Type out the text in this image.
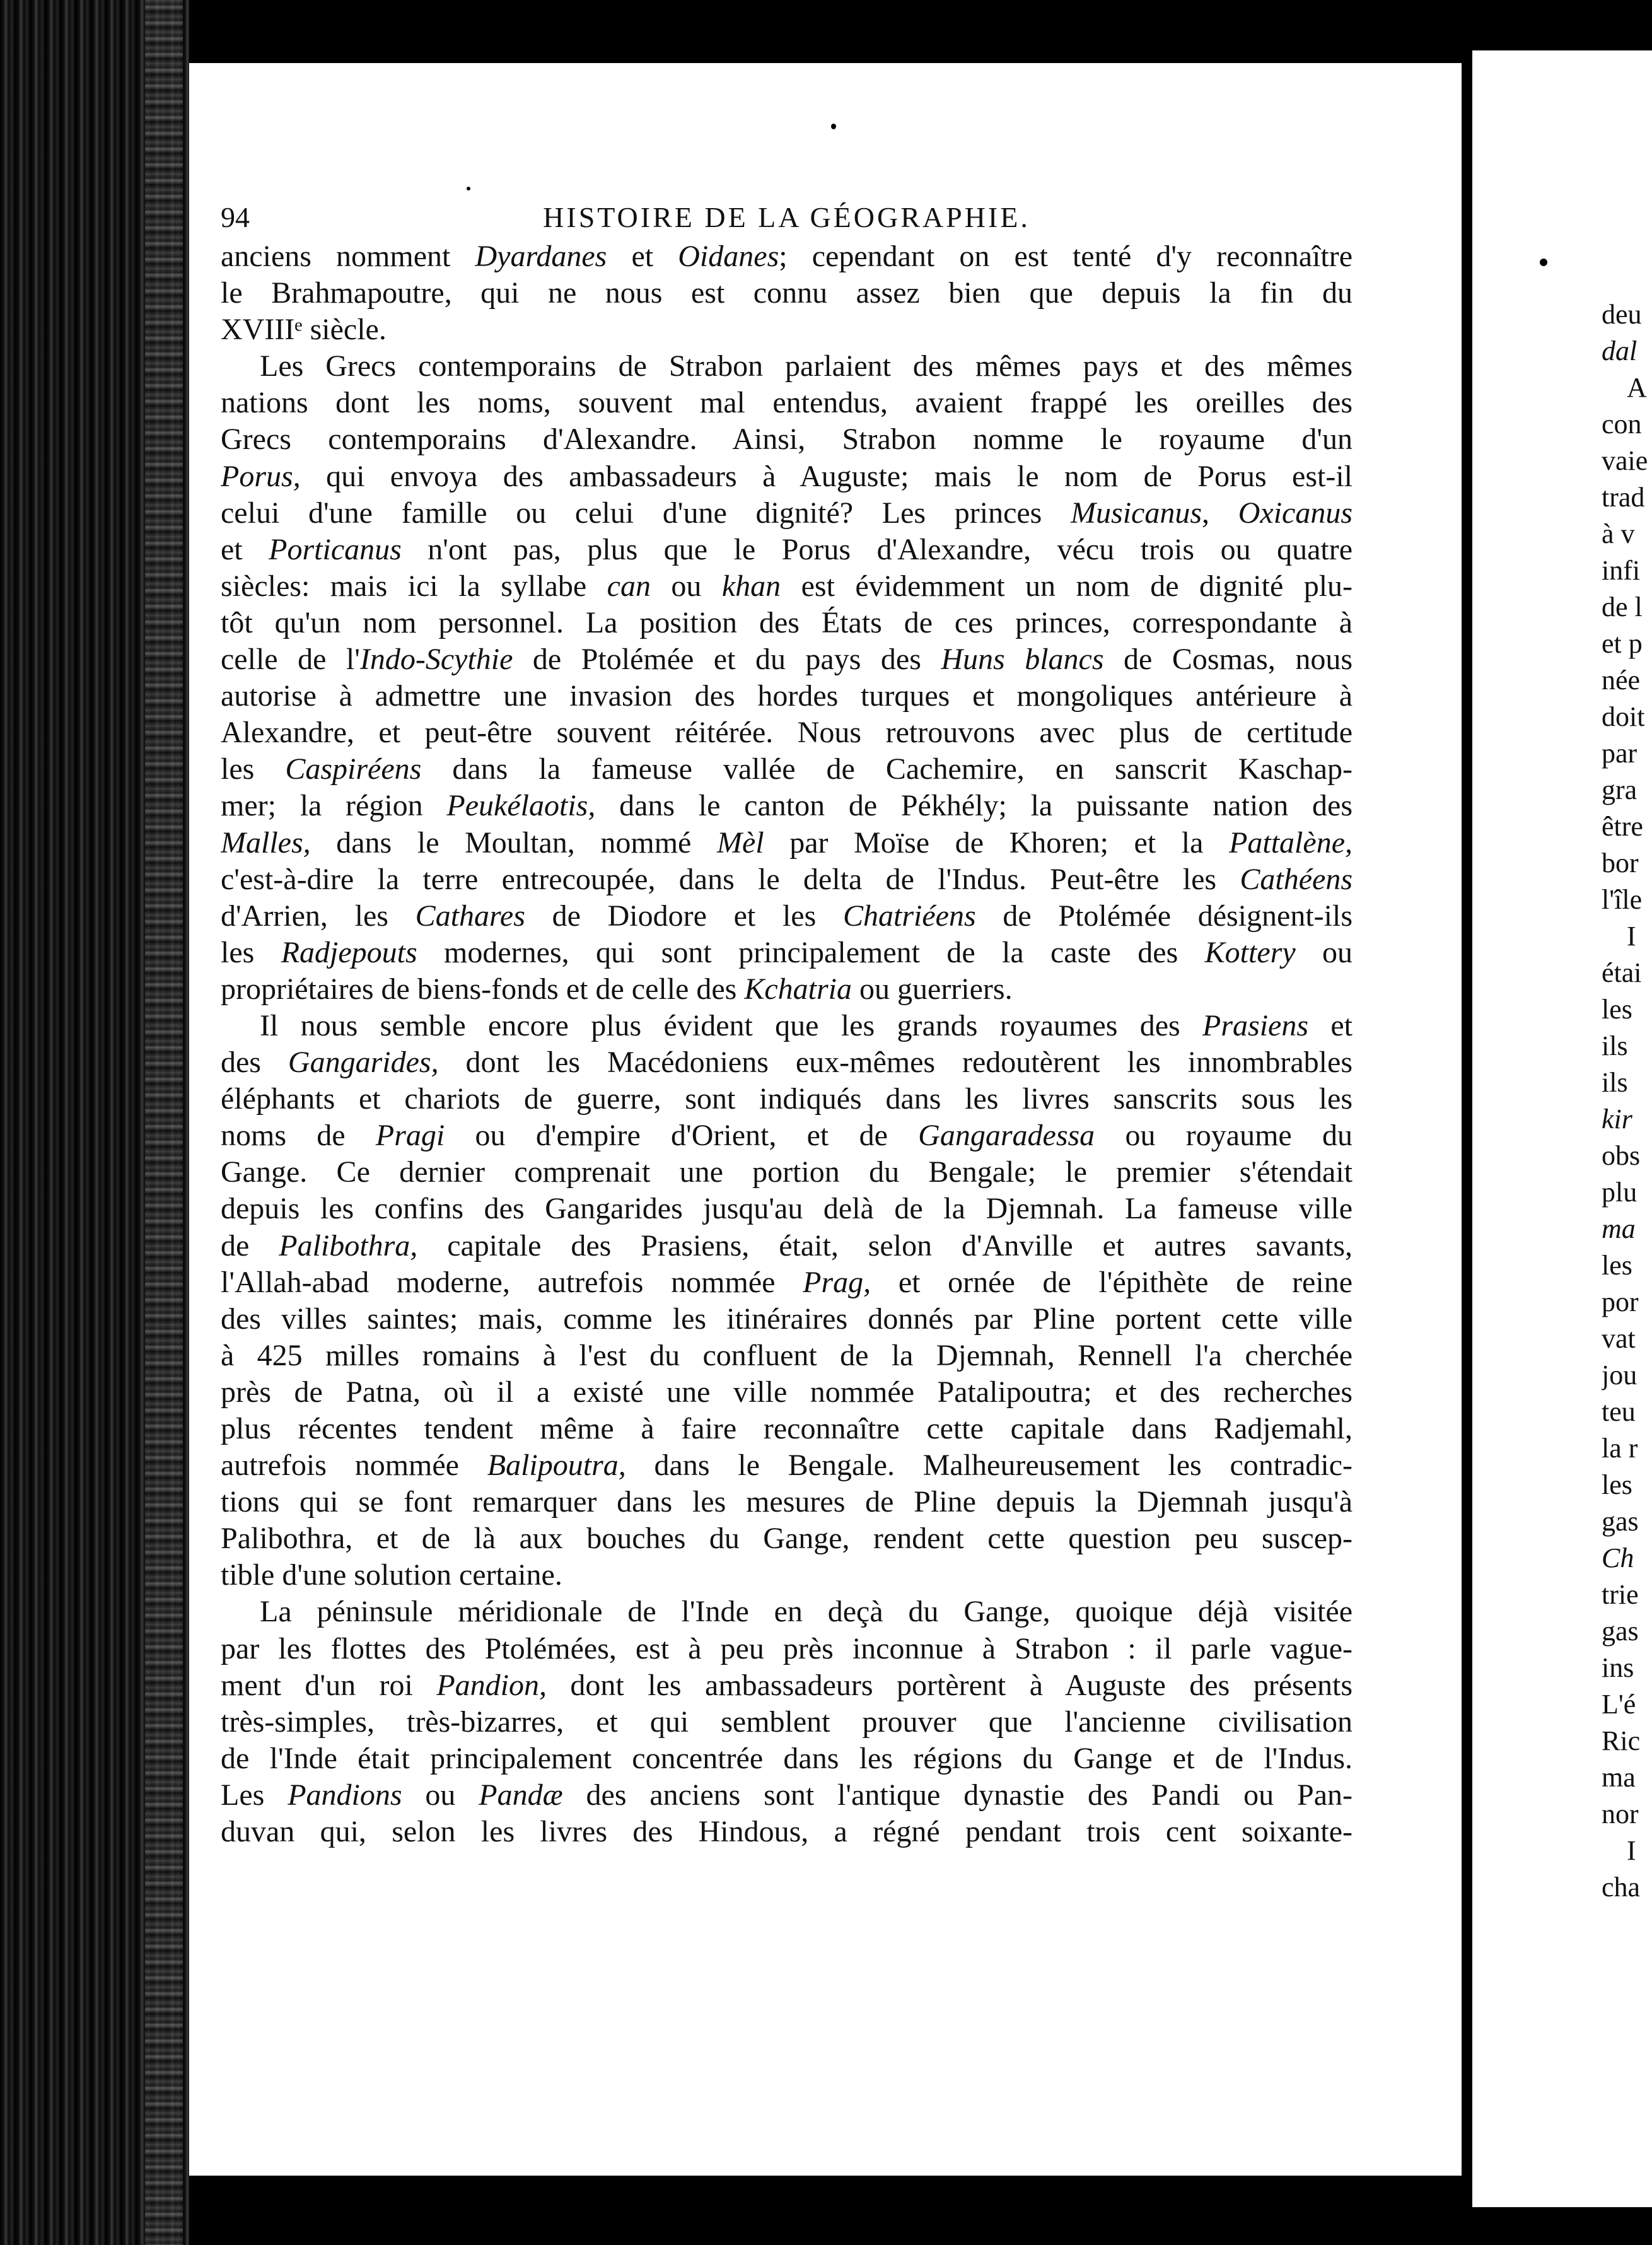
94	HISTOIRE DE LA GÉOGRAPHIE.
anciens nomment Dyardanes et Oidanes; cependant on est tenté d'y reconnaître
le Brahmapoutre, qui ne nous est connu assez bien que depuis la fin du
XVIIIᵉ siècle.
Les Grecs contemporains de Strabon parlaient des mêmes pays et des mêmes
nations dont les noms, souvent mal entendus, avaient frappé les oreilles des
Grecs contemporains d'Alexandre. Ainsi, Strabon nomme le royaume d'un
Porus, qui envoya des ambassadeurs à Auguste; mais le nom de Porus est-il
celui d'une famille ou celui d'une dignité? Les princes Musicanus, Oxicanus
et Porticanus n'ont pas, plus que le Porus d'Alexandre, vécu trois ou quatre
siècles: mais ici la syllabe can ou khan est évidemment un nom de dignité plu-
tôt qu'un nom personnel. La position des États de ces princes, correspondante à
celle de l'Indo-Scythie de Ptolémée et du pays des Huns blancs de Cosmas, nous
autorise à admettre une invasion des hordes turques et mongoliques antérieure à
Alexandre, et peut-être souvent réitérée. Nous retrouvons avec plus de certitude
les Caspiréens dans la fameuse vallée de Cachemire, en sanscrit Kaschap-
mer; la région Peukélaotis, dans le canton de Pékhély; la puissante nation des
Malles, dans le Moultan, nommé Mèl par Moïse de Khoren; et la Pattalène,
c'est-à-dire la terre entrecoupée, dans le delta de l'Indus. Peut-être les Cathéens
d'Arrien, les Cathares de Diodore et les Chatriéens de Ptolémée désignent-ils
les Radjepouts modernes, qui sont principalement de la caste des Kottery ou
propriétaires de biens-fonds et de celle des Kchatria ou guerriers.
Il nous semble encore plus évident que les grands royaumes des Prasiens et
des Gangarides, dont les Macédoniens eux-mêmes redoutèrent les innombrables
éléphants et chariots de guerre, sont indiqués dans les livres sanscrits sous les
noms de Pragi ou d'empire d'Orient, et de Gangaradessa ou royaume du
Gange. Ce dernier comprenait une portion du Bengale; le premier s'étendait
depuis les confins des Gangarides jusqu'au delà de la Djemnah. La fameuse ville
de Palibothra, capitale des Prasiens, était, selon d'Anville et autres savants,
l'Allah-abad moderne, autrefois nommée Prag, et ornée de l'épithète de reine
des villes saintes; mais, comme les itinéraires donnés par Pline portent cette ville
à 425 milles romains à l'est du confluent de la Djemnah, Rennell l'a cherchée
près de Patna, où il a existé une ville nommée Patalipoutra; et des recherches
plus récentes tendent même à faire reconnaître cette capitale dans Radjemahl,
autrefois nommée Balipoutra, dans le Bengale. Malheureusement les contradic-
tions qui se font remarquer dans les mesures de Pline depuis la Djemnah jusqu'à
Palibothra, et de là aux bouches du Gange, rendent cette question peu suscep-
tible d'une solution certaine.
La péninsule méridionale de l'Inde en deçà du Gange, quoique déjà visitée
par les flottes des Ptolémées, est à peu près inconnue à Strabon : il parle vague-
ment d'un roi Pandion, dont les ambassadeurs portèrent à Auguste des présents
très-simples, très-bizarres, et qui semblent prouver que l'ancienne civilisation
de l'Inde était principalement concentrée dans les régions du Gange et de l'Indus.
Les Pandions ou Pandæ des anciens sont l'antique dynastie des Pandi ou Pan-
duvan qui, selon les livres des Hindous, a régné pendant trois cent soixante-
deu
dal
A
con
vaie
trad
à v
infi
de l
et p
née
doit
par
gra
être
bor
l'île
I
étai
les
ils
ils
kir
obs
plu
ma
les
por
vat
jou
teu
la r
les
gas
Ch
trie
gas
ins
L'é
Ric
ma
nor
I
cha
